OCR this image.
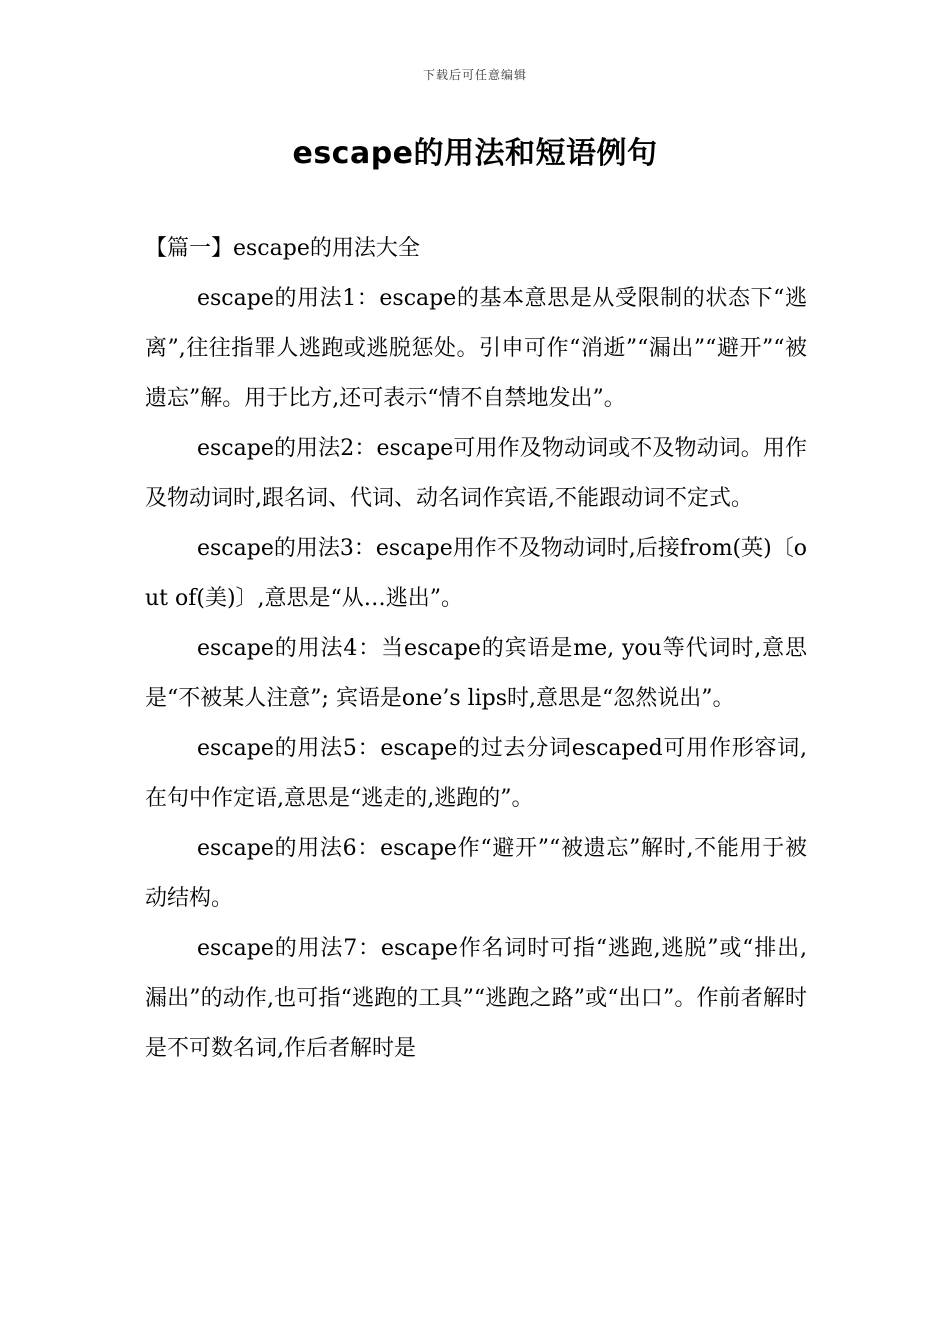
下载后可任意编辑
escape的用法和短语例句

【篇一】escape的用法大全

escape的用法1：escape的基本意思是从受限制的状态下“逃离”,往往指罪人逃跑或逃脱惩处。引申可作“消逝”“漏出”“避开”“被遗忘”解。用于比方,还可表示“情不自禁地发出”。

escape的用法2：escape可用作及物动词或不及物动词。用作及物动词时,跟名词、代词、动名词作宾语,不能跟动词不定式。

escape的用法3：escape用作不及物动词时,后接from(英)〔out of(美)〕,意思是“从…逃出”。

escape的用法4：当escape的宾语是me, you等代词时,意思是“不被某人注意”; 宾语是one’s lips时,意思是“忽然说出”。

escape的用法5：escape的过去分词escaped可用作形容词,在句中作定语,意思是“逃走的,逃跑的”。

escape的用法6：escape作“避开”“被遗忘”解时,不能用于被动结构。

escape的用法7：escape作名词时可指“逃跑,逃脱”或“排出,漏出”的动作,也可指“逃跑的工具”“逃跑之路”或“出口”。作前者解时是不可数名词,作后者解时是
